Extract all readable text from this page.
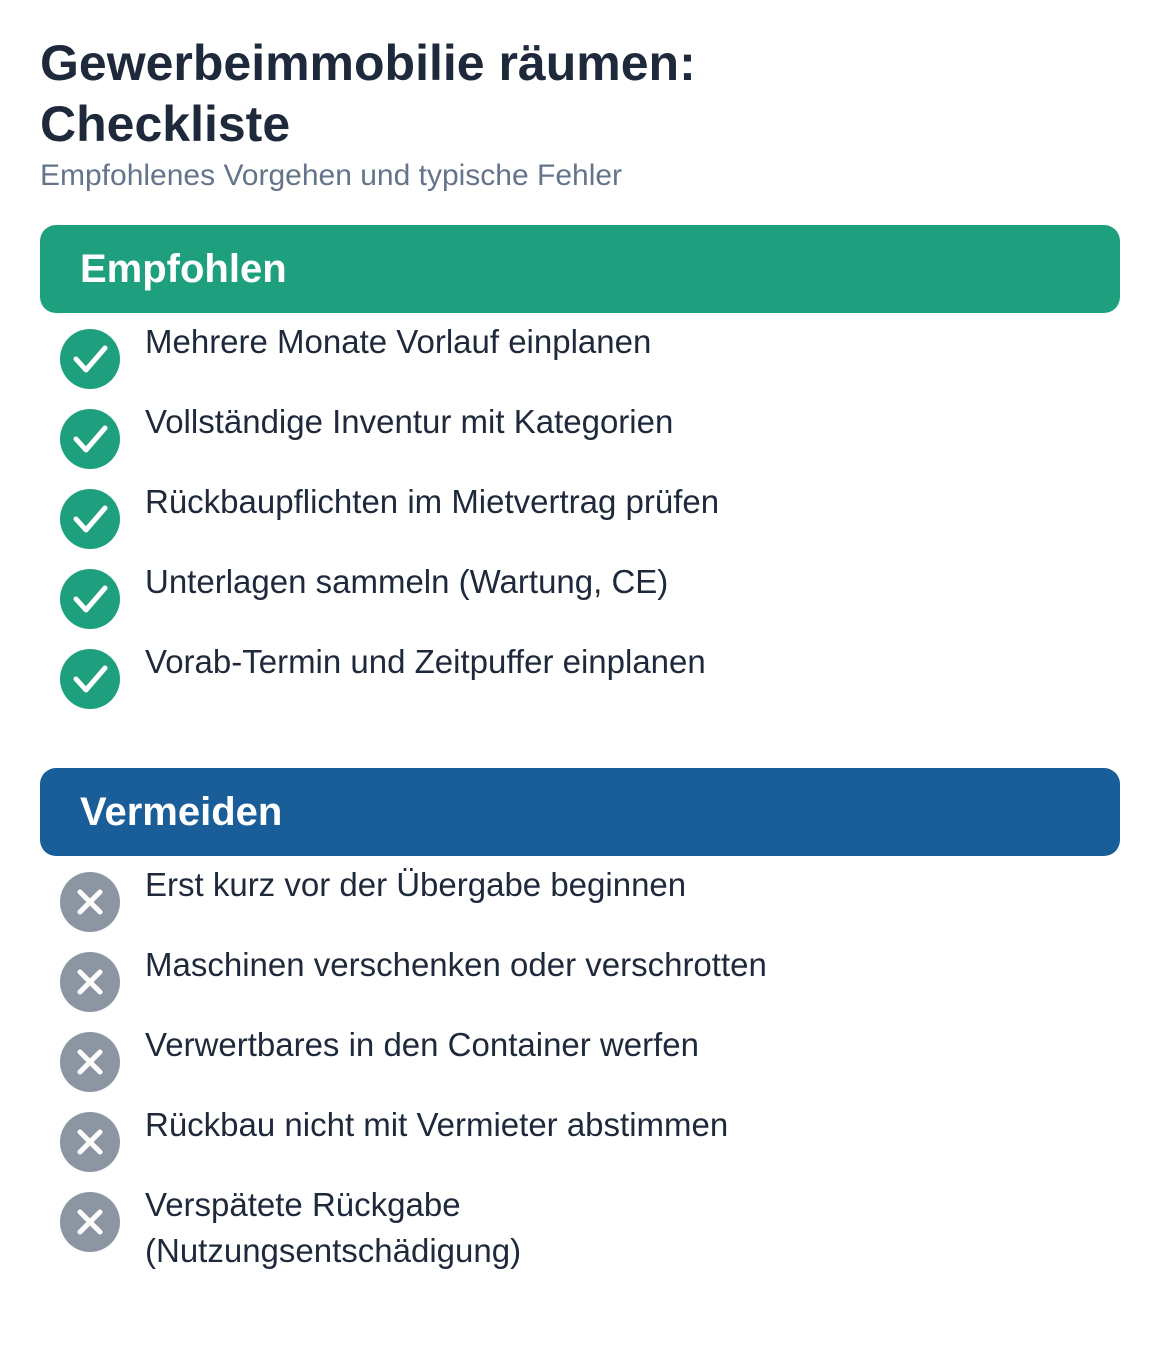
Gewerbeimmobilie räumen: Checkliste
Empfohlenes Vorgehen und typische Fehler
Empfohlen
Mehrere Monate Vorlauf einplanen
Vollständige Inventur mit Kategorien
Rückbaupflichten im Mietvertrag prüfen
Unterlagen sammeln (Wartung, CE)
Vorab-Termin und Zeitpuffer einplanen
Vermeiden
Erst kurz vor der Übergabe beginnen
Maschinen verschenken oder verschrotten
Verwertbares in den Container werfen
Rückbau nicht mit Vermieter abstimmen
Verspätete Rückgabe (Nutzungsentschädigung)
